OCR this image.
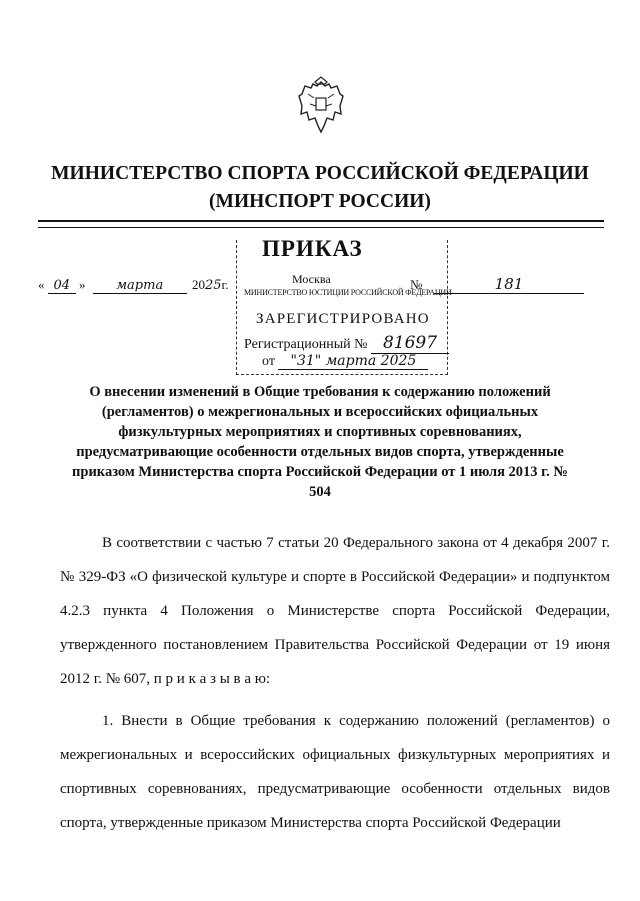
МИНИСТЕРСТВО СПОРТА РОССИЙСКОЙ ФЕДЕРАЦИИ
(МИНСПОРТ РОССИИ)
ПРИКАЗ
« 04 » марта 2025г.	Москва
МИНИСТЕРСТВО ЮСТИЦИИ РОССИЙСКОЙ ФЕДЕРАЦИИ
№	181
ЗАРЕГИСТРИРОВАНО
Регистрационный № 81697
от "31" марта 2025
О внесении изменений в Общие требования к содержанию положений (регламентов) о межрегиональных и всероссийских официальных физкультурных мероприятиях и спортивных соревнованиях, предусматривающие особенности отдельных видов спорта, утвержденные приказом Министерства спорта Российской Федерации от 1 июля 2013 г. № 504
В соответствии с частью 7 статьи 20 Федерального закона от 4 декабря 2007 г. № 329-ФЗ «О физической культуре и спорте в Российской Федерации» и подпунктом 4.2.3 пункта 4 Положения о Министерстве спорта Российской Федерации, утвержденного постановлением Правительства Российской Федерации от 19 июня 2012 г. № 607, п р и к а з ы в а ю:
1. Внести в Общие требования к содержанию положений (регламентов) о межрегиональных и всероссийских официальных физкультурных мероприятиях и спортивных соревнованиях, предусматривающие особенности отдельных видов спорта, утвержденные приказом Министерства спорта Российской Федерации
